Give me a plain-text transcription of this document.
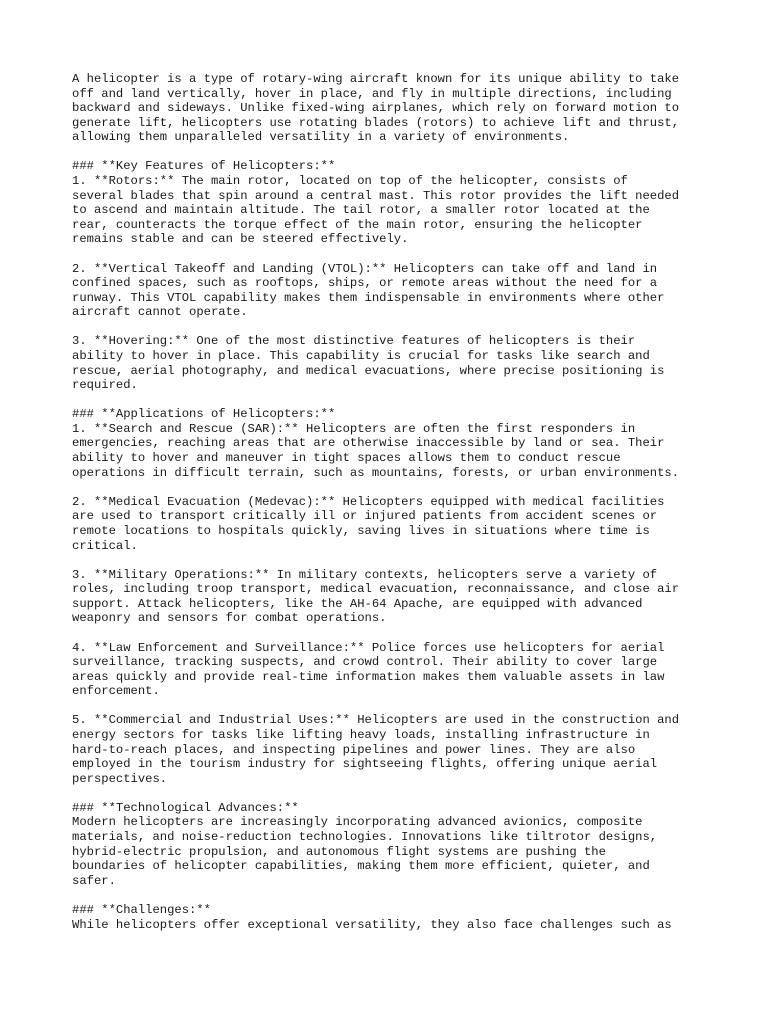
A helicopter is a type of rotary-wing aircraft known for its unique ability to take
off and land vertically, hover in place, and fly in multiple directions, including
backward and sideways. Unlike fixed-wing airplanes, which rely on forward motion to
generate lift, helicopters use rotating blades (rotors) to achieve lift and thrust,
allowing them unparalleled versatility in a variety of environments.
### **Key Features of Helicopters:**
1. **Rotors:** The main rotor, located on top of the helicopter, consists of
several blades that spin around a central mast. This rotor provides the lift needed
to ascend and maintain altitude. The tail rotor, a smaller rotor located at the
rear, counteracts the torque effect of the main rotor, ensuring the helicopter
remains stable and can be steered effectively.
2. **Vertical Takeoff and Landing (VTOL):** Helicopters can take off and land in
confined spaces, such as rooftops, ships, or remote areas without the need for a
runway. This VTOL capability makes them indispensable in environments where other
aircraft cannot operate.
3. **Hovering:** One of the most distinctive features of helicopters is their
ability to hover in place. This capability is crucial for tasks like search and
rescue, aerial photography, and medical evacuations, where precise positioning is
required.
### **Applications of Helicopters:**
1. **Search and Rescue (SAR):** Helicopters are often the first responders in
emergencies, reaching areas that are otherwise inaccessible by land or sea. Their
ability to hover and maneuver in tight spaces allows them to conduct rescue
operations in difficult terrain, such as mountains, forests, or urban environments.
2. **Medical Evacuation (Medevac):** Helicopters equipped with medical facilities
are used to transport critically ill or injured patients from accident scenes or
remote locations to hospitals quickly, saving lives in situations where time is
critical.
3. **Military Operations:** In military contexts, helicopters serve a variety of
roles, including troop transport, medical evacuation, reconnaissance, and close air
support. Attack helicopters, like the AH-64 Apache, are equipped with advanced
weaponry and sensors for combat operations.
4. **Law Enforcement and Surveillance:** Police forces use helicopters for aerial
surveillance, tracking suspects, and crowd control. Their ability to cover large
areas quickly and provide real-time information makes them valuable assets in law
enforcement.
5. **Commercial and Industrial Uses:** Helicopters are used in the construction and
energy sectors for tasks like lifting heavy loads, installing infrastructure in
hard-to-reach places, and inspecting pipelines and power lines. They are also
employed in the tourism industry for sightseeing flights, offering unique aerial
perspectives.
### **Technological Advances:**
Modern helicopters are increasingly incorporating advanced avionics, composite
materials, and noise-reduction technologies. Innovations like tiltrotor designs,
hybrid-electric propulsion, and autonomous flight systems are pushing the
boundaries of helicopter capabilities, making them more efficient, quieter, and
safer.
### **Challenges:**
While helicopters offer exceptional versatility, they also face challenges such as
